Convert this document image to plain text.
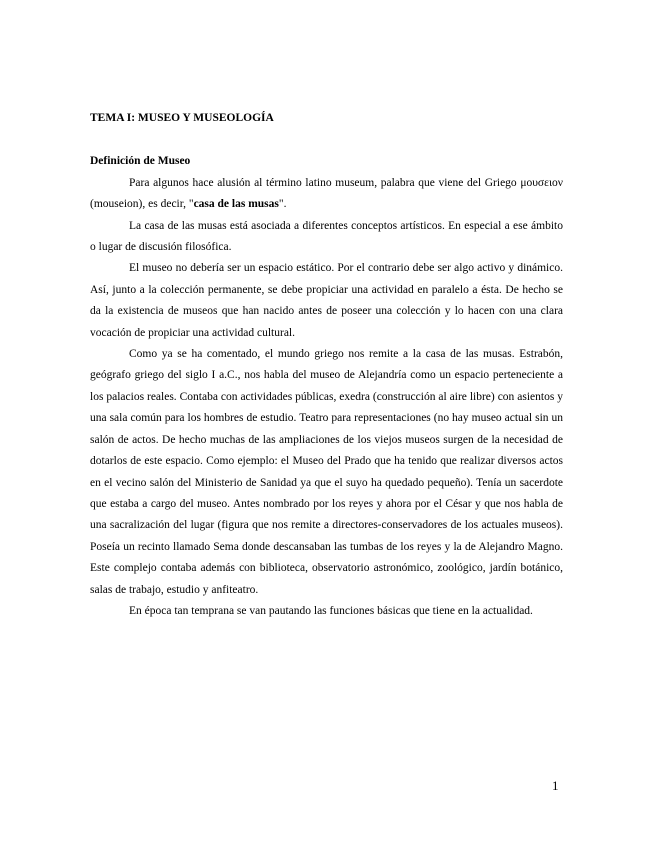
TEMA I: MUSEO Y MUSEOLOGÍA
Definición de Museo

Para algunos hace alusión al término latino museum, palabra que viene del Griego μουσειον (mouseion), es decir, "casa de las musas".

La casa de las musas está asociada a diferentes conceptos artísticos. En especial a ese ámbito o lugar de discusión filosófica.

El museo no debería ser un espacio estático. Por el contrario debe ser algo activo y dinámico. Así, junto a la colección permanente, se debe propiciar una actividad en paralelo a ésta. De hecho se da la existencia de museos que han nacido antes de poseer una colección y lo hacen con una clara vocación de propiciar una actividad cultural.

Como ya se ha comentado, el mundo griego nos remite a la casa de las musas. Estrabón, geógrafo griego del siglo I a.C., nos habla del museo de Alejandría como un espacio perteneciente a los palacios reales. Contaba con actividades públicas, exedra (construcción al aire libre) con asientos y una sala común para los hombres de estudio. Teatro para representaciones (no hay museo actual sin un salón de actos. De hecho muchas de las ampliaciones de los viejos museos surgen de la necesidad de dotarlos de este espacio. Como ejemplo: el Museo del Prado que ha tenido que realizar diversos actos en el vecino salón del Ministerio de Sanidad ya que el suyo ha quedado pequeño). Tenía un sacerdote que estaba a cargo del museo. Antes nombrado por los reyes y ahora por el César y que nos habla de una sacralización del lugar (figura que nos remite a directores-conservadores de los actuales museos). Poseía un recinto llamado Sema donde descansaban las tumbas de los reyes y la de Alejandro Magno. Este complejo contaba además con biblioteca, observatorio astronómico, zoológico, jardín botánico, salas de trabajo, estudio y anfiteatro.

En época tan temprana se van pautando las funciones básicas que tiene en la actualidad.

1
